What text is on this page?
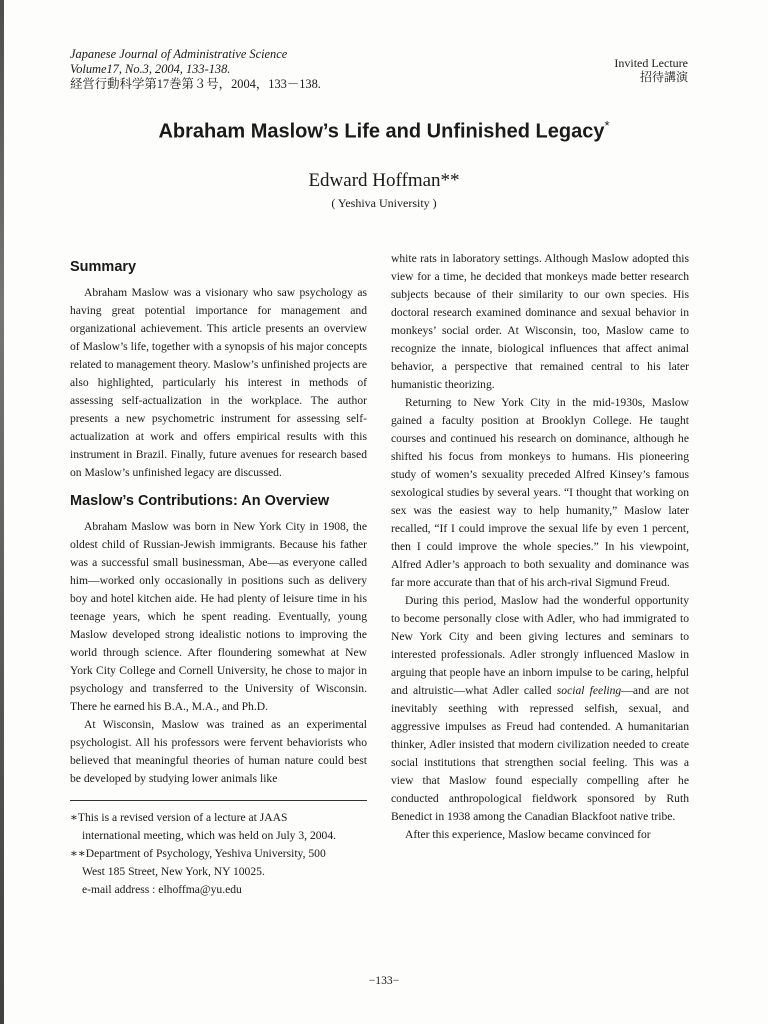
Japanese Journal of Administrative Science
Volume17, No.3, 2004, 133-138.
経営行動科学第17巻第３号，2004，133－138.
Invited Lecture
招待講演
Abraham Maslow’s Life and Unfinished Legacy*
Edward Hoffman**
( Yeshiva University )
Summary

Abraham Maslow was a visionary who saw psychology as having great potential importance for management and organizational achievement. This article presents an overview of Maslow’s life, together with a synopsis of his major concepts related to management theory. Maslow’s unfinished projects are also highlighted, particularly his interest in methods of assessing self-actualization in the workplace. The author presents a new psychometric instrument for assessing self-actualization at work and offers empirical results with this instrument in Brazil. Finally, future avenues for research based on Maslow’s unfinished legacy are discussed.

Maslow’s Contributions: An Overview

Abraham Maslow was born in New York City in 1908, the oldest child of Russian-Jewish immigrants. Because his father was a successful small businessman, Abe—as everyone called him—worked only occasionally in positions such as delivery boy and hotel kitchen aide. He had plenty of leisure time in his teenage years, which he spent reading. Eventually, young Maslow developed strong idealistic notions to improving the world through science. After floundering somewhat at New York City College and Cornell University, he chose to major in psychology and transferred to the University of Wisconsin. There he earned his B.A., M.A., and Ph.D.

At Wisconsin, Maslow was trained as an experimental psychologist. All his professors were fervent behaviorists who believed that meaningful theories of human nature could best be developed by studying lower animals like

∗This is a revised version of a lecture at JAAS
international meeting, which was held on July 3, 2004.
∗∗Department of Psychology, Yeshiva University, 500
West 185 Street, New York, NY 10025.
e-mail address : elhoffma@yu.edu

white rats in laboratory settings. Although Maslow adopted this view for a time, he decided that monkeys made better research subjects because of their similarity to our own species. His doctoral research examined dominance and sexual behavior in monkeys’ social order. At Wisconsin, too, Maslow came to recognize the innate, biological influences that affect animal behavior, a perspective that remained central to his later humanistic theorizing.

Returning to New York City in the mid-1930s, Maslow gained a faculty position at Brooklyn College. He taught courses and continued his research on dominance, although he shifted his focus from monkeys to humans. His pioneering study of women’s sexuality preceded Alfred Kinsey’s famous sexological studies by several years. “I thought that working on sex was the easiest way to help humanity,” Maslow later recalled, “If I could improve the sexual life by even 1 percent, then I could improve the whole species.” In his viewpoint, Alfred Adler’s approach to both sexuality and dominance was far more accurate than that of his arch-rival Sigmund Freud.

During this period, Maslow had the wonderful opportunity to become personally close with Adler, who had immigrated to New York City and been giving lectures and seminars to interested professionals. Adler strongly influenced Maslow in arguing that people have an inborn impulse to be caring, helpful and altruistic—what Adler called social feeling—and are not inevitably seething with repressed selfish, sexual, and aggressive impulses as Freud had contended. A humanitarian thinker, Adler insisted that modern civilization needed to create social institutions that strengthen social feeling. This was a view that Maslow found especially compelling after he conducted anthropological fieldwork sponsored by Ruth Benedict in 1938 among the Canadian Blackfoot native tribe.

After this experience, Maslow became convinced for

−133−
